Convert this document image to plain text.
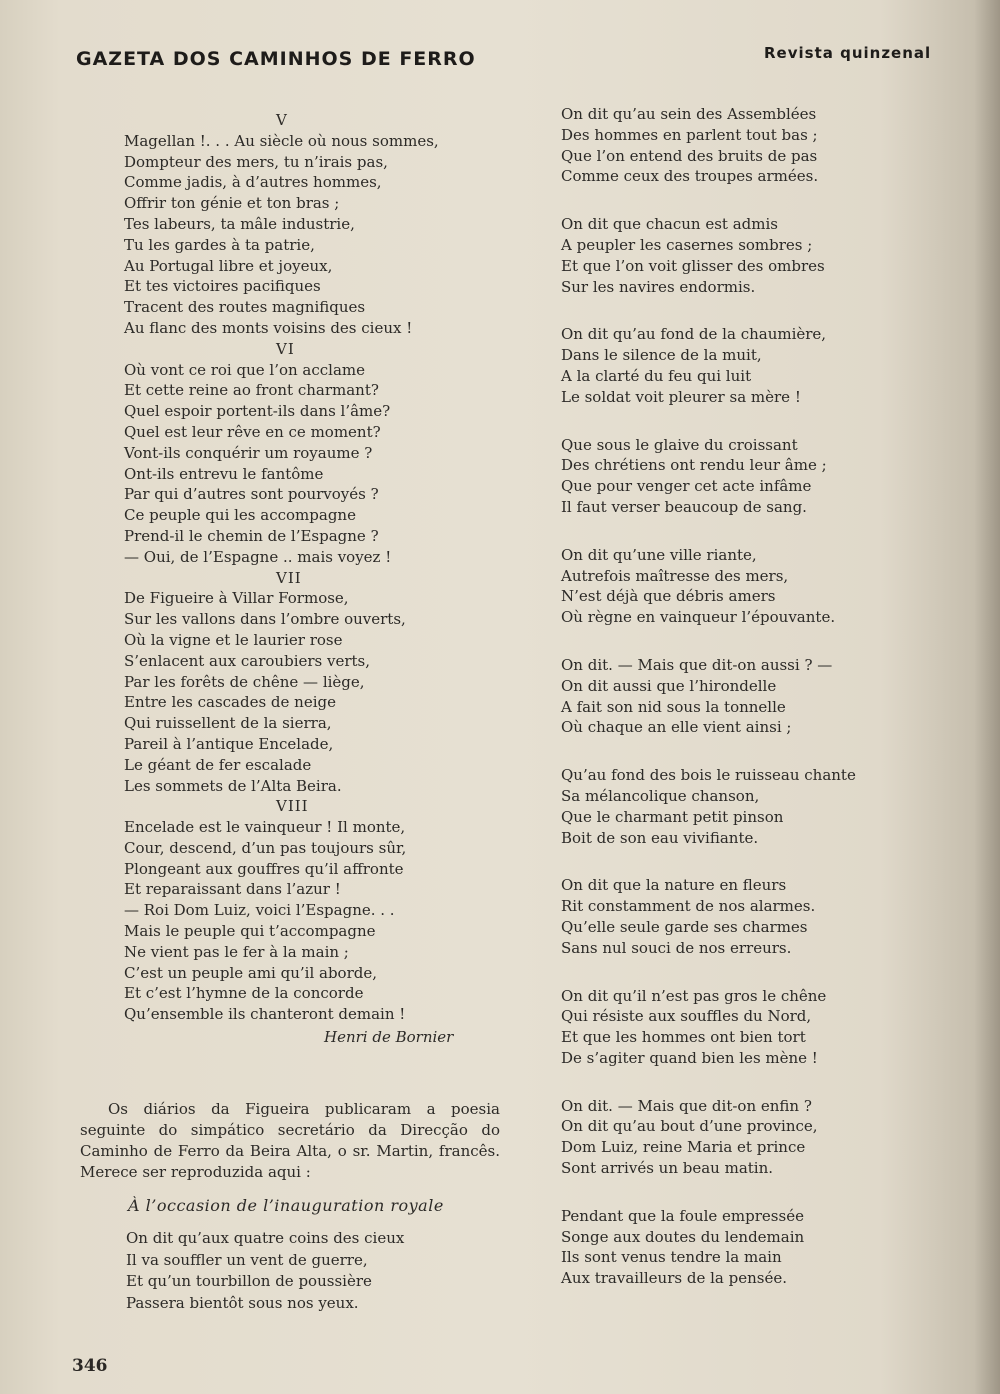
GAZETA DOS CAMINHOS DE FERRO	Revista quinzenal

V

Magellan !. . . Au siècle où nous sommes,

Dompteur des mers, tu n’irais pas,

Comme jadis, à d’autres hommes,

Offrir ton génie et ton bras ;

Tes labeurs, ta mâle industrie,

Tu les gardes à ta patrie,

Au Portugal libre et joyeux,

Et tes victoires pacifiques

Tracent des routes magnifiques

Au flanc des monts voisins des cieux !

VI

Où vont ce roi que l’on acclame

Et cette reine ao front charmant?

Quel espoir portent-ils dans l’âme?

Quel est leur rêve en ce moment?

Vont-ils conquérir um royaume ?

Ont-ils entrevu le fantôme

Par qui d’autres sont pourvoyés ?

Ce peuple qui les accompagne

Prend-il le chemin de l’Espagne ?

— Oui, de l’Espagne .. mais voyez !

VII

De Figueire à Villar Formose,

Sur les vallons dans l’ombre ouverts,

Où la vigne et le laurier rose

S’enlacent aux caroubiers verts,

Par les forêts de chêne — liège,

Entre les cascades de neige

Qui ruissellent de la sierra,

Pareil à l’antique Encelade,

Le géant de fer escalade

Les sommets de l’Alta Beira.

VIII

Encelade est le vainqueur ! Il monte,

Cour, descend, d’un pas toujours sûr,

Plongeant aux gouffres qu’il affronte

Et reparaissant dans l’azur !

— Roi Dom Luiz, voici l’Espagne. . .

Mais le peuple qui t’accompagne

Ne vient pas le fer à la main ;

C’est un peuple ami qu’il aborde,

Et c’est l’hymne de la concorde

Qu’ensemble ils chanteront demain !

Henri de Bornier

Os diários da Figueira publicaram a poesia seguinte do simpático secretário da Direcção do Caminho de Ferro da Beira Alta, o sr. Martin, francês. Merece ser reproduzida aqui :

À l’occasion de l’inauguration royale

On dit qu’aux quatre coins des cieux

Il va souffler un vent de guerre,

Et qu’un tourbillon de poussière

Passera bientôt sous nos yeux.

On dit qu’au sein des Assemblées

Des hommes en parlent tout bas ;

Que l’on entend des bruits de pas

Comme ceux des troupes armées.

On dit que chacun est admis

A peupler les casernes sombres ;

Et que l’on voit glisser des ombres

Sur les navires endormis.

On dit qu’au fond de la chaumière,

Dans le silence de la muit,

A la clarté du feu qui luit

Le soldat voit pleurer sa mère !

Que sous le glaive du croissant

Des chrétiens ont rendu leur âme ;

Que pour venger cet acte infâme

Il faut verser beaucoup de sang.

On dit qu’une ville riante,

Autrefois maîtresse des mers,

N’est déjà que débris amers

Où règne en vainqueur l’épouvante.

On dit. — Mais que dit-on aussi ? —

On dit aussi que l’hirondelle

A fait son nid sous la tonnelle

Où chaque an elle vient ainsi ;

Qu’au fond des bois le ruisseau chante

Sa mélancolique chanson,

Que le charmant petit pinson

Boit de son eau vivifiante.

On dit que la nature en fleurs

Rit constamment de nos alarmes.

Qu’elle seule garde ses charmes

Sans nul souci de nos erreurs.

On dit qu’il n’est pas gros le chêne

Qui résiste aux souffles du Nord,

Et que les hommes ont bien tort

De s’agiter quand bien les mène !

On dit. — Mais que dit-on enfin ?

On dit qu’au bout d’une province,

Dom Luiz, reine Maria et prince

Sont arrivés un beau matin.

Pendant que la foule empressée

Songe aux doutes du lendemain

Ils sont venus tendre la main

Aux travailleurs de la pensée.

346
